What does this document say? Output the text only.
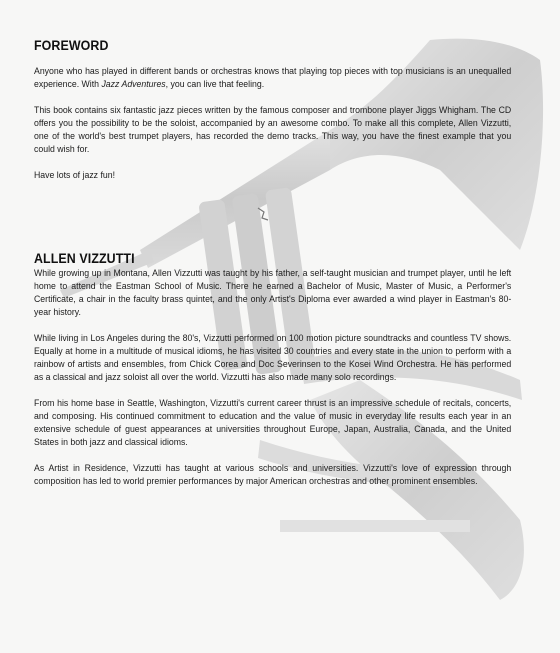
FOREWORD

Anyone who has played in different bands or orchestras knows that playing top pieces with top musicians is an unequalled experience. With Jazz Adventures, you can live that feeling.

This book contains six fantastic jazz pieces written by the famous composer and trombone player Jiggs Whigham. The CD offers you the possibility to be the soloist, accompanied by an awesome combo. To make all this complete, Allen Vizzutti, one of the world's best trumpet players, has recorded the demo tracks. This way, you have the finest example that you could wish for.

Have lots of jazz fun!

ALLEN VIZZUTTI

While growing up in Montana, Allen Vizzutti was taught by his father, a self-taught musician and trumpet player, until he left home to attend the Eastman School of Music. There he earned a Bachelor of Music, Master of Music, a Performer's Certificate, a chair in the faculty brass quintet, and the only Artist's Diploma ever awarded a wind player in Eastman's 80-year history.

While living in Los Angeles during the 80's, Vizzutti performed on 100 motion picture soundtracks and countless TV shows. Equally at home in a multitude of musical idioms, he has visited 30 countries and every state in the union to perform with a rainbow of artists and ensembles, from Chick Corea and Doc Severinsen to the Kosei Wind Orchestra. He has performed as a classical and jazz soloist all over the world. Vizzutti has also made many solo recordings.

From his home base in Seattle, Washington, Vizzutti's current career thrust is an impressive schedule of recitals, concerts, and composing. His continued commitment to education and the value of music in everyday life results each year in an extensive schedule of guest appearances at universities throughout Europe, Japan, Australia, Canada, and the United States in both jazz and classical idioms.

As Artist in Residence, Vizzutti has taught at various schools and universities. Vizzutti's love of expression through composition has led to world premier performances by major American orchestras and other prominent ensembles.
